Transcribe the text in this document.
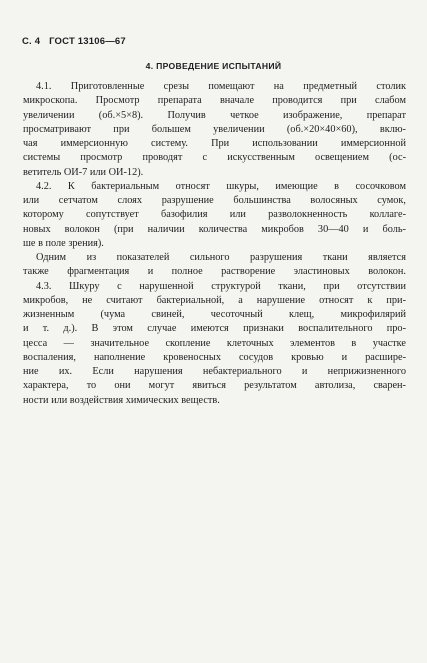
С. 4 ГОСТ 13106—67
4. ПРОВЕДЕНИЕ ИСПЫТАНИЙ
4.1. Приготовленные срезы помещают на предметный столик
микроскопа. Просмотр препарата вначале проводится при слабом
увеличении (об.×5×8). Получив четкое изображение, препарат
просматривают при большем увеличении (об.×20×40×60), вклю-
чая иммерсионную систему. При использовании иммерсионной
системы просмотр проводят с искусственным освещением (ос-
ветитель ОИ-7 или ОИ-12).
4.2. К бактериальным относят шкуры, имеющие в сосочковом
или сетчатом слоях разрушение большинства волосяных сумок,
которому сопутствует базофилия или разволокненность коллаге-
новых волокон (при наличии количества микробов 30—40 и боль-
ше в поле зрения).
Одним из показателей сильного разрушения ткани является
также фрагментация и полное растворение эластиновых волокон.
4.3. Шкуру с нарушенной структурой ткани, при отсутствии
микробов, не считают бактериальной, а нарушение относят к при-
жизненным (чума свиней, чесоточный клещ, микрофилярий
и т. д.). В этом случае имеются признаки воспалительного про-
цесса — значительное скопление клеточных элементов в участке
воспаления, наполнение кровеносных сосудов кровью и расшире-
ние их. Если нарушения небактериального и неприжизненного
характера, то они могут явиться результатом автолиза, сварен-
ности или воздействия химических веществ.
